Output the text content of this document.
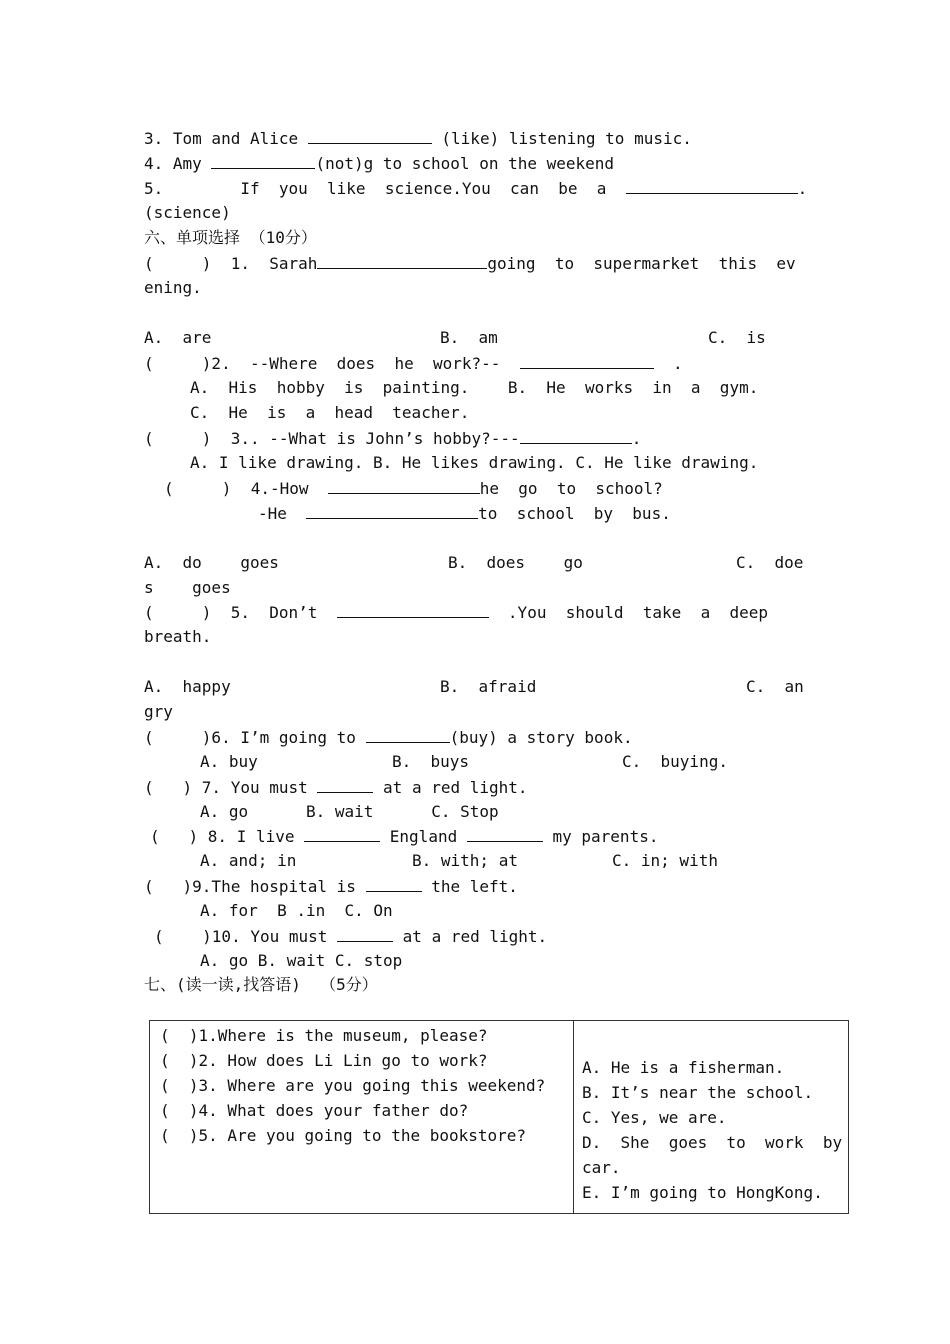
3. Tom and Alice	(like) listening to music.
4. Amy	(not)g to school on the weekend
5.	If  you  like  science.You  can  be  a	.
(science)
六、单项选择 （10分）
(     )  1.  Sarah	going  to  supermarket  this  ev
ening.
A.  are	B.  am	C.  is
(     )2.  --Where  does  he  work?--	.
A.  His  hobby  is  painting.    B.  He  works  in  a  gym.
C.  He  is  a  head  teacher.
(     )  3.. --What is John’s hobby?---	.
A. I like drawing. B. He likes drawing. C. He like drawing.
(     )  4.-How	he  go  to  school?
-He	to  school  by  bus.
A.  do    goes	B.  does    go	C.  doe
s    goes
(     )  5.  Don’t	.You  should  take  a  deep
breath.
A.  happy	B.  afraid	C.  an
gry
(     )6. I’m going to	(buy) a story book.
A. buy	B.  buys	C.  buying.
(   ) 7. You must	at a red light.
A. go      B. wait      C. Stop
(   ) 8. I live	England	my parents.
A. and; in	B. with; at	C. in; with
(   )9.The hospital is	the left.
A. for  B .in  C. On
(    )10. You must	at a red light.
A. go B. wait C. stop
七、(读一读,找答语)  （5分）
(  )1.Where is the museum, please?
(  )2. How does Li Lin go to work?
(  )3. Where are you going this weekend?
(  )4. What does your father do?
(  )5. Are you going to the bookstore?

A. He is a fisherman.
B. It’s near the school.
C. Yes, we are.
D.  She  goes  to  work  by
car.
E. I’m going to HongKong.
